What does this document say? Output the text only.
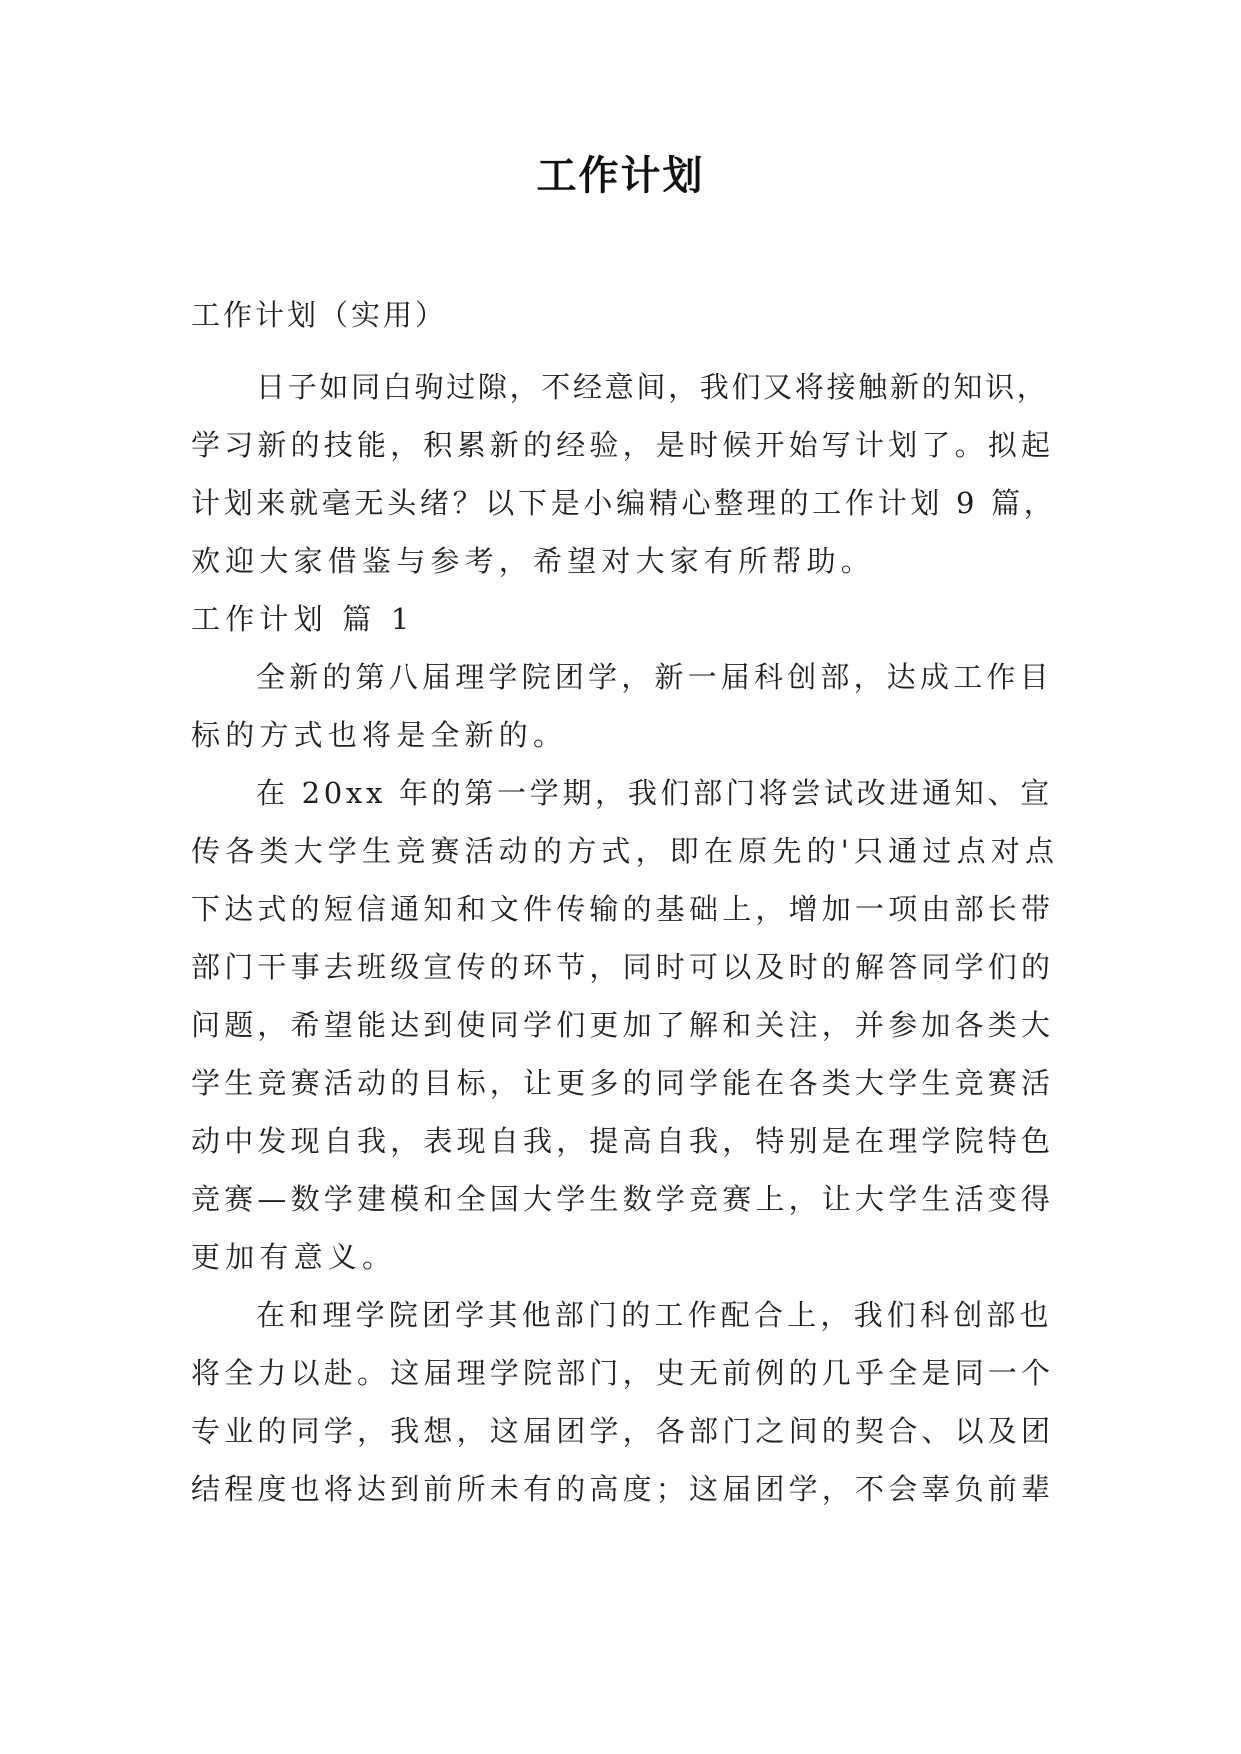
工作计划
工作计划（实用）
日子如同白驹过隙，不经意间，我们又将接触新的知识，
学习新的技能，积累新的经验，是时候开始写计划了。拟起
计划来就毫无头绪？以下是小编精心整理的工作计划 9 篇，
欢迎大家借鉴与参考，希望对大家有所帮助。
工作计划 篇 1
全新的第八届理学院团学，新一届科创部，达成工作目
标的方式也将是全新的。
在 20xx 年的第一学期，我们部门将尝试改进通知、宣
传各类大学生竞赛活动的方式，即在原先的'只通过点对点
下达式的短信通知和文件传输的基础上，增加一项由部长带
部门干事去班级宣传的环节，同时可以及时的解答同学们的
问题，希望能达到使同学们更加了解和关注，并参加各类大
学生竞赛活动的目标，让更多的同学能在各类大学生竞赛活
动中发现自我，表现自我，提高自我，特别是在理学院特色
竞赛—数学建模和全国大学生数学竞赛上，让大学生活变得
更加有意义。
在和理学院团学其他部门的工作配合上，我们科创部也
将全力以赴。这届理学院部门，史无前例的几乎全是同一个
专业的同学，我想，这届团学，各部门之间的契合、以及团
结程度也将达到前所未有的高度；这届团学，不会辜负前辈
